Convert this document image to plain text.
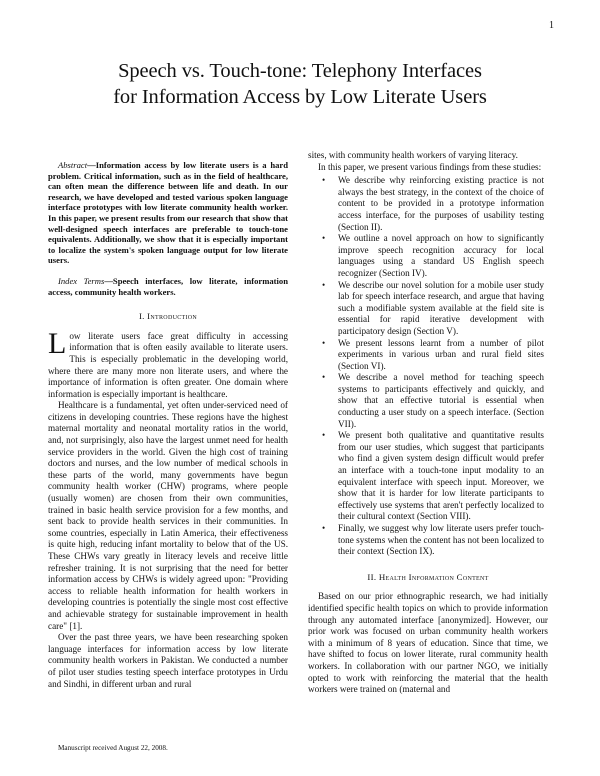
1
Speech vs. Touch-tone: Telephony Interfaces
for Information Access by Low Literate Users

Abstract—Information access by low literate users is a hard problem. Critical information, such as in the field of healthcare, can often mean the difference between life and death. In our research, we have developed and tested various spoken language interface prototypes with low literate community health worker. In this paper, we present results from our research that show that well-designed speech interfaces are preferable to touch-tone equivalents. Additionally, we show that it is especially important to localize the system's spoken language output for low literate users.

Index Terms—Speech interfaces, low literate, information access, community health workers.

I. Introduction

Low literate users face great difficulty in accessing information that is often easily available to literate users. This is especially problematic in the developing world, where there are many more non literate users, and where the importance of information is often greater. One domain where information is especially important is healthcare.

Healthcare is a fundamental, yet often under-serviced need of citizens in developing countries. These regions have the highest maternal mortality and neonatal mortality ratios in the world, and, not surprisingly, also have the largest unmet need for health service providers in the world. Given the high cost of training doctors and nurses, and the low number of medical schools in these parts of the world, many governments have begun community health worker (CHW) programs, where people (usually women) are chosen from their own communities, trained in basic health service provision for a few months, and sent back to provide health services in their communities. In some countries, especially in Latin America, their effectiveness is quite high, reducing infant mortality to below that of the US. These CHWs vary greatly in literacy levels and receive little refresher training. It is not surprising that the need for better information access by CHWs is widely agreed upon: "Providing access to reliable health information for health workers in developing countries is potentially the single most cost effective and achievable strategy for sustainable improvement in health care" [1].

Over the past three years, we have been researching spoken language interfaces for information access by low literate community health workers in Pakistan. We conducted a number of pilot user studies testing speech interface prototypes in Urdu and Sindhi, in different urban and rural

sites, with community health workers of varying literacy.

In this paper, we present various findings from these studies:

• We describe why reinforcing existing practice is not always the best strategy, in the context of the choice of content to be provided in a prototype information access interface, for the purposes of usability testing (Section II).
• We outline a novel approach on how to significantly improve speech recognition accuracy for local languages using a standard US English speech recognizer (Section IV).
• We describe our novel solution for a mobile user study lab for speech interface research, and argue that having such a modifiable system available at the field site is essential for rapid iterative development with participatory design (Section V).
• We present lessons learnt from a number of pilot experiments in various urban and rural field sites (Section VI).
• We describe a novel method for teaching speech systems to participants effectively and quickly, and show that an effective tutorial is essential when conducting a user study on a speech interface. (Section VII).
• We present both qualitative and quantitative results from our user studies, which suggest that participants who find a given system design difficult would prefer an interface with a touch-tone input modality to an equivalent interface with speech input. Moreover, we show that it is harder for low literate participants to effectively use systems that aren't perfectly localized to their cultural context (Section VIII).
• Finally, we suggest why low literate users prefer touch-tone systems when the content has not been localized to their context (Section IX).
II. Health Information Content

Based on our prior ethnographic research, we had initially identified specific health topics on which to provide information through any automated interface [anonymized]. However, our prior work was focused on urban community health workers with a minimum of 8 years of education. Since that time, we have shifted to focus on lower literate, rural community health workers. In collaboration with our partner NGO, we initially opted to work with reinforcing the material that the health workers were trained on (maternal and

Manuscript received August 22, 2008.
